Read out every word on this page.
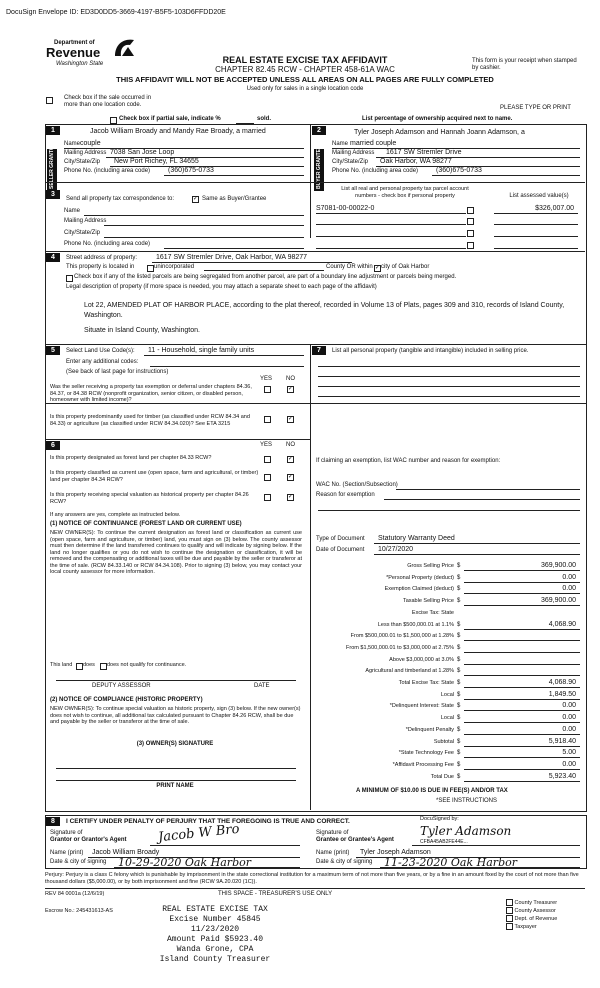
DocuSign Envelope ID: ED3D0DD5-3669-4197-B5F5-103D6FFDD20E
Department of
Revenue
Washington State	REAL ESTATE EXCISE TAX AFFIDAVIT
CHAPTER 82.45 RCW - CHAPTER 458-61A WAC
This form is your receipt when stamped by cashier.
THIS AFFIDAVIT WILL NOT BE ACCEPTED UNLESS ALL AREAS ON ALL PAGES ARE FULLY COMPLETED
Used only for sales in a single location code
Check box if the sale occurred in more than one location code.	PLEASE TYPE OR PRINT
Check box if partial sale, indicate %	sold.	List percentage of ownership acquired next to name.
1
SELLER GRANTOR
Jacob William Broady and Mandy Rae Broady, a married
Name couple
Mailing Address 7038 San Jose Loop
City/State/Zip New Port Richey, FL 34655
Phone No. (including area code)	(360)675-0733
2
BUYER GRANTEE
Tyler Joseph Adamson and Hannah Joann Adamson, a
Name married couple
Mailing Address 1617 SW Stremler Drive
City/State/Zip Oak Harbor, WA 98277
Phone No. (including area code)	(360)675-0733
3
Send all property tax correspondence to:	✓ Same as Buyer/Grantee
Name
Mailing Address
City/State/Zip
Phone No. (including area code)
List all real and personal property tax parcel account numbers - check box if personal property	List assessed value(s)
S7081-00-00022-0	$326,007.00
4	Street address of property:	1617 SW Stremler Drive, Oak Harbor, WA 98277
This property is located in	unincorporated	County OR within ✓ city of Oak Harbor
Check box if any of the listed parcels are being segregated from another parcel, are part of a boundary line adjustment or parcels being merged.
Legal description of property (if more space is needed, you may attach a separate sheet to each page of the affidavit)
Lot 22, AMENDED PLAT OF HARBOR PLACE, according to the plat thereof, recorded in Volume 13 of Plats, pages 309 and 310, records of Island County, Washington.
Situate in Island County, Washington.
5	Select Land Use Code(s): 11 - Household, single family units
Enter any additional codes:
(See back of last page for instructions)
YES NO
Was the seller receiving a property tax exemption or deferral under chapters 84.36, 84.37, or 84.38 RCW (nonprofit organization, senior citizen, or disabled person, homeowner with limited income)?
✓
Is this property predominantly used for timber (as classified under RCW 84.34 and 84.33) or agriculture (as classified under RCW 84.34.020)? See ETA 3215
✓
6	YES NO
Is this property designated as forest land per chapter 84.33 RCW?	✓
Is this property classified as current use (open space, farm and agricultural, or timber) land per chapter 84.34 RCW?	✓
Is this property receiving special valuation as historical property per chapter 84.26 RCW?
✓
If any answers are yes, complete as instructed below.
(1) NOTICE OF CONTINUANCE (FOREST LAND OR CURRENT USE)
NEW OWNER(S): To continue the current designation as forest land or classification as current use (open space, farm and agriculture, or timber) land, you must sign on (3) below. The county assessor must then determine if the land transferred continues to qualify and will indicate by signing below. If the land no longer qualifies or you do not wish to continue the designation or classification, it will be removed and the compensating or additional taxes will be due and payable by the seller or transferor at the time of sale. (RCW 84.33.140 or RCW 84.34.108). Prior to signing (3) below, you may contact your local county assessor for more information.
This land does does not qualify for continuance.
DEPUTY ASSESSOR	DATE
(2) NOTICE OF COMPLIANCE (HISTORIC PROPERTY)
NEW OWNER(S): To continue special valuation as historic property, sign (3) below. If the new owner(s) does not wish to continue, all additional tax calculated pursuant to Chapter 84.26 RCW, shall be due and payable by the seller or transferor at the time of sale.
(3) OWNER(S) SIGNATURE
PRINT NAME
7	List all personal property (tangible and intangible) included in selling price.
If claiming an exemption, list WAC number and reason for exemption:
WAC No. (Section/Subsection)
Reason for exemption
Type of Document Statutory Warranty Deed
Date of Document 10/27/2020
Gross Selling Price $	369,900.00
*Personal Property (deduct) $	0.00
Exemption Claimed (deduct) $	0.00
Taxable Selling Price $	369,900.00
Excise Tax: State
Less than $500,000.01 at 1.1% $	4,068.90
From $500,000.01 to $1,500,000 at 1.28% $
From $1,500,000.01 to $3,000,000 at 2.75% $
Above $3,000,000 at 3.0% $
Agricultural and timberland at 1.28% $
Total Excise Tax: State $	4,068.90
Local $	1,849.50
*Delinquent Interest: State $	0.00
Local $	0.00
*Delinquent Penalty $	0.00
Subtotal $	5,918.40
*State Technology Fee $	5.00
*Affidavit Processing Fee $	0.00
Total Due $	5,923.40
A MINIMUM OF $10.00 IS DUE IN FEE(S) AND/OR TAX
*SEE INSTRUCTIONS
8	I CERTIFY UNDER PENALTY OF PERJURY THAT THE FOREGOING IS TRUE AND CORRECT.
Signature of
Grantor or Grantor's Agent Jacob W Bro
Name (print) Jacob William Broady
Date & city of signing 10-29-2020 Oak Harbor
DocuSigned by:
Signature of
Grantee or Grantee's Agent
Tyler Adamson
CFBA45AB2FE44E...
Name (print) Tyler Joseph Adamson
Date & city of signing 11-23-2020 Oak Harbor
Perjury: Perjury is a class C felony which is punishable by imprisonment in the state correctional institution for a maximum term of not more than five years, or by a fine in an amount fixed by the court of not more than five thousand dollars ($5,000.00), or by both imprisonment and fine (RCW 9A.20.020 (1C)).
REV 84 0001a (12/6/19)	THIS SPACE - TREASURER'S USE ONLY
Escrow No.: 245431613-AS	REAL ESTATE EXCISE TAX
Excise Number 45845
11/23/2020
Amount Paid $5923.40
Wanda Grone, CPA
Island County Treasurer
County Treasurer
County Assessor
Dept. of Revenue
Taxpayer
